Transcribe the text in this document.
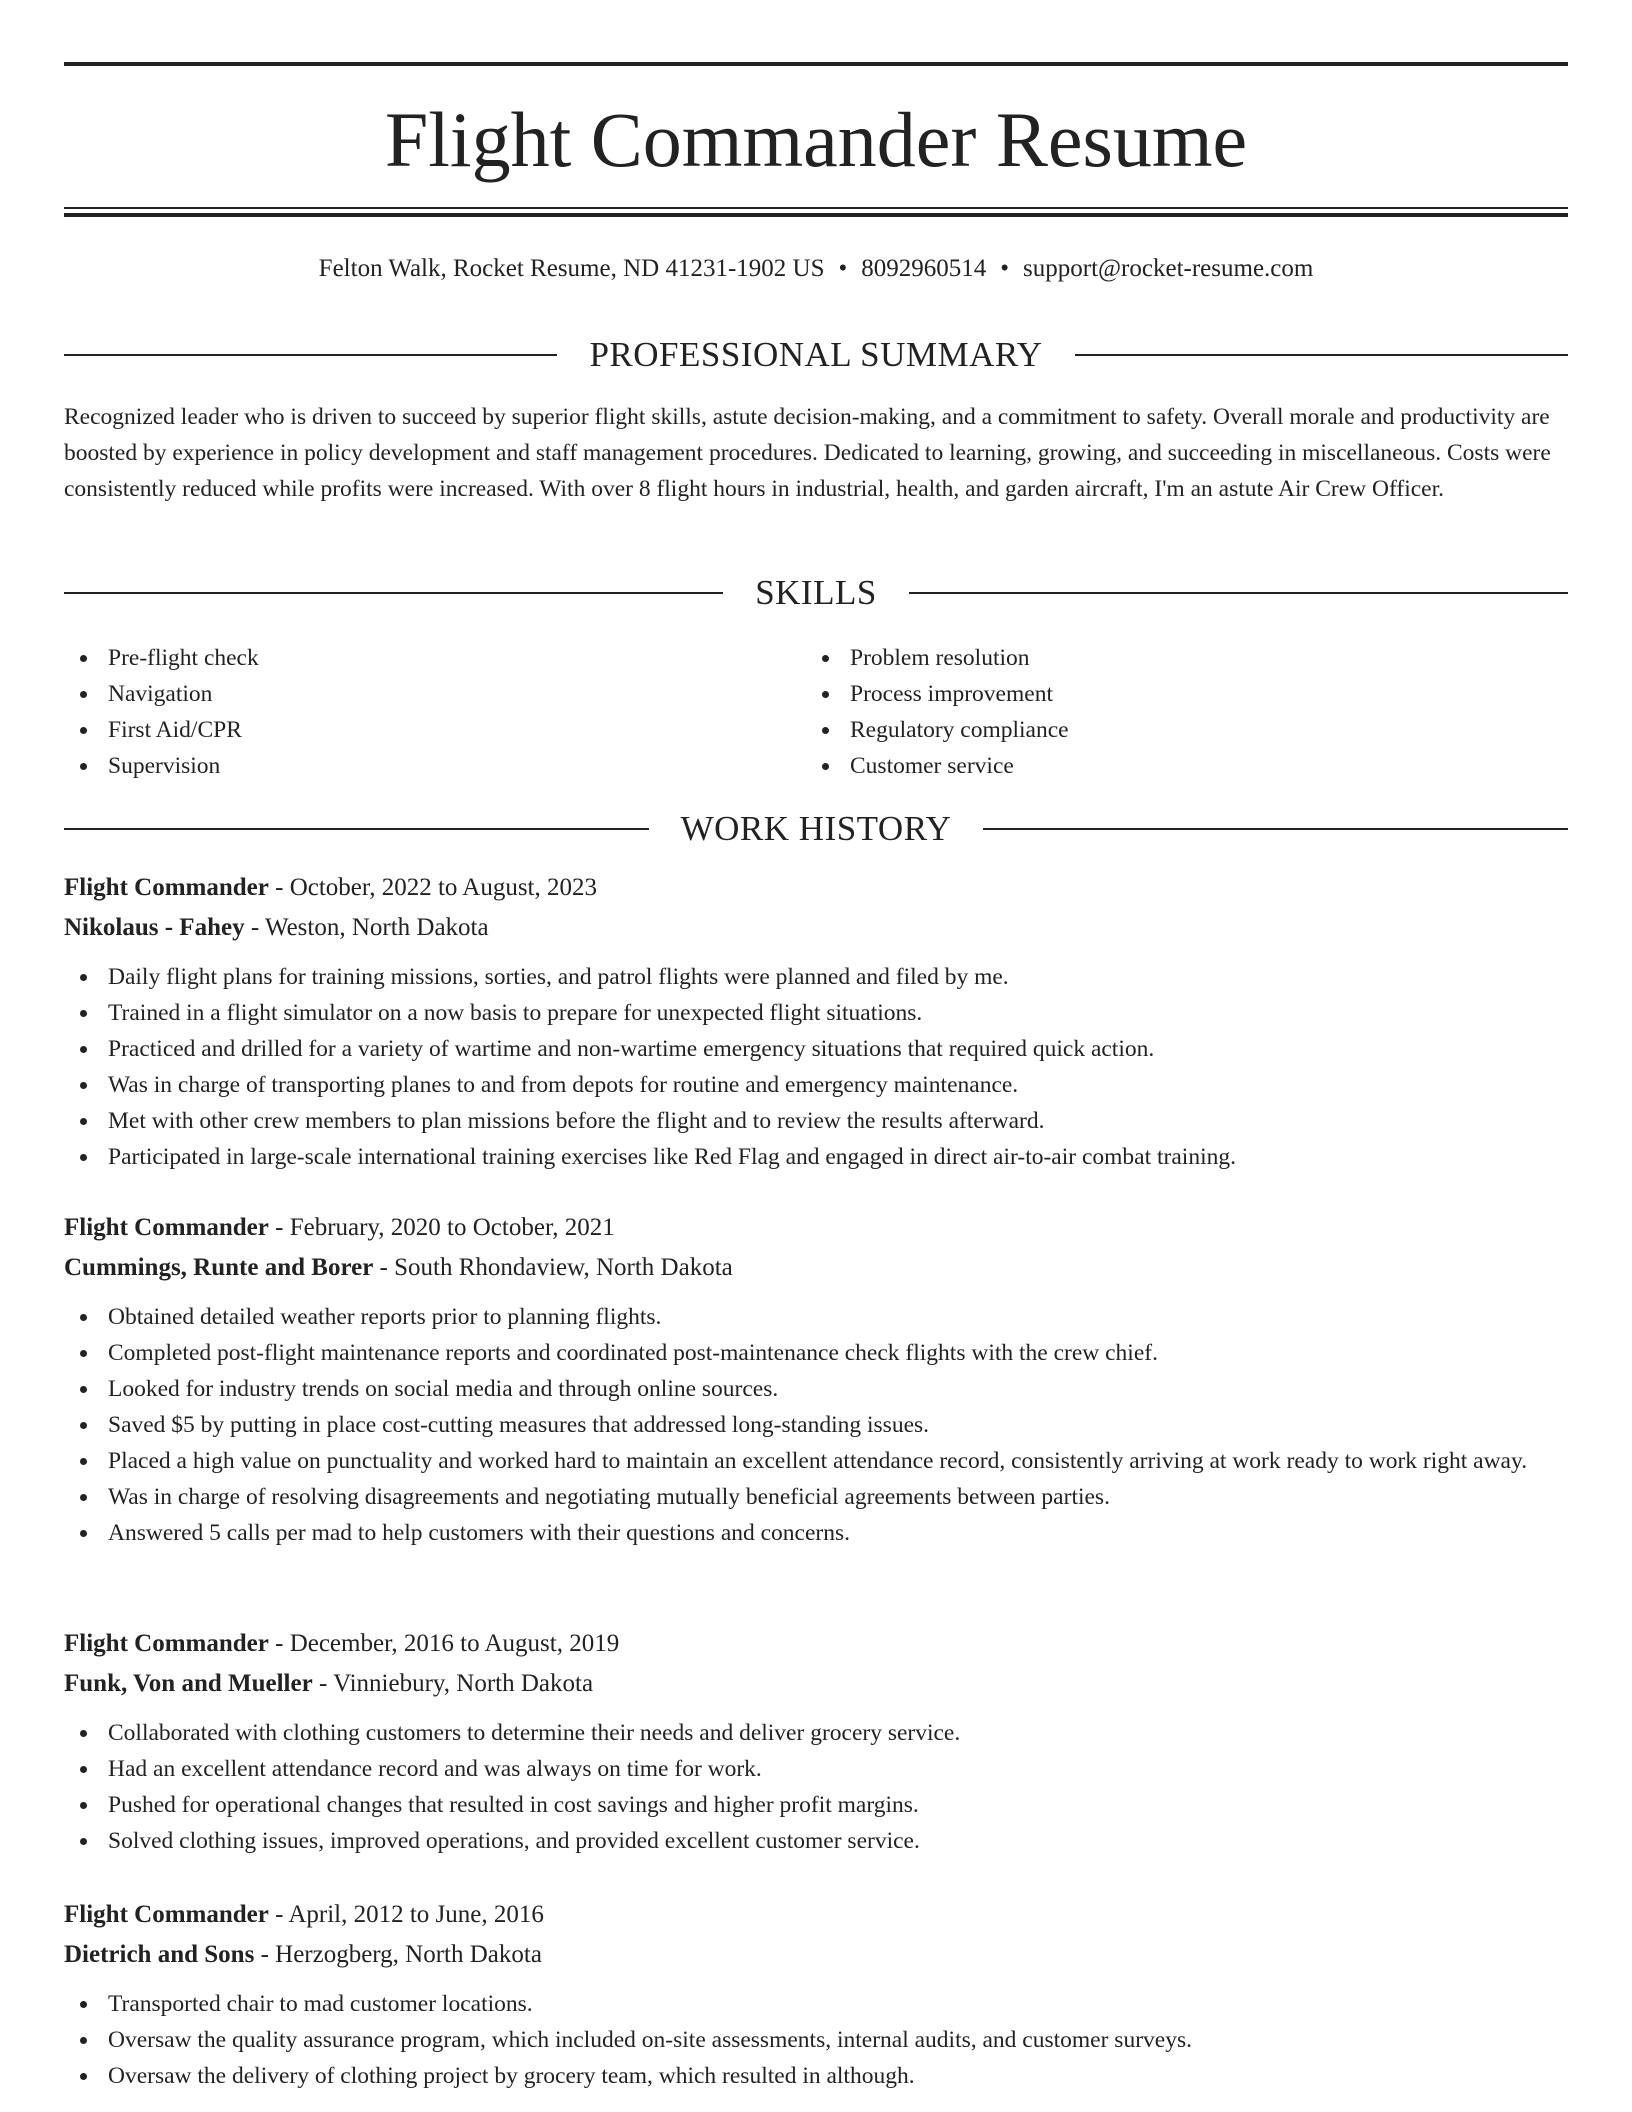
Flight Commander Resume
Felton Walk, Rocket Resume, ND 41231-1902 US • 8092960514 • support@rocket-resume.com
PROFESSIONAL SUMMARY

Recognized leader who is driven to succeed by superior flight skills, astute decision-making, and a commitment to safety. Overall morale and productivity are boosted by experience in policy development and staff management procedures. Dedicated to learning, growing, and succeeding in miscellaneous. Costs were consistently reduced while profits were increased. With over 8 flight hours in industrial, health, and garden aircraft, I'm an astute Air Crew Officer.

SKILLS
Pre-flight check
Navigation
First Aid/CPR
Supervision
Problem resolution
Process improvement
Regulatory compliance
Customer service
WORK HISTORY
Flight Commander - October, 2022 to August, 2023
Nikolaus - Fahey - Weston, North Dakota
Daily flight plans for training missions, sorties, and patrol flights were planned and filed by me.
Trained in a flight simulator on a now basis to prepare for unexpected flight situations.
Practiced and drilled for a variety of wartime and non-wartime emergency situations that required quick action.
Was in charge of transporting planes to and from depots for routine and emergency maintenance.
Met with other crew members to plan missions before the flight and to review the results afterward.
Participated in large-scale international training exercises like Red Flag and engaged in direct air-to-air combat training.
Flight Commander - February, 2020 to October, 2021
Cummings, Runte and Borer - South Rhondaview, North Dakota
Obtained detailed weather reports prior to planning flights.
Completed post-flight maintenance reports and coordinated post-maintenance check flights with the crew chief.
Looked for industry trends on social media and through online sources.
Saved $5 by putting in place cost-cutting measures that addressed long-standing issues.
Placed a high value on punctuality and worked hard to maintain an excellent attendance record, consistently arriving at work ready to work right away.
Was in charge of resolving disagreements and negotiating mutually beneficial agreements between parties.
Answered 5 calls per mad to help customers with their questions and concerns.
Flight Commander - December, 2016 to August, 2019
Funk, Von and Mueller - Vinniebury, North Dakota
Collaborated with clothing customers to determine their needs and deliver grocery service.
Had an excellent attendance record and was always on time for work.
Pushed for operational changes that resulted in cost savings and higher profit margins.
Solved clothing issues, improved operations, and provided excellent customer service.
Flight Commander - April, 2012 to June, 2016
Dietrich and Sons - Herzogberg, North Dakota
Transported chair to mad customer locations.
Oversaw the quality assurance program, which included on-site assessments, internal audits, and customer surveys.
Oversaw the delivery of clothing project by grocery team, which resulted in although.
